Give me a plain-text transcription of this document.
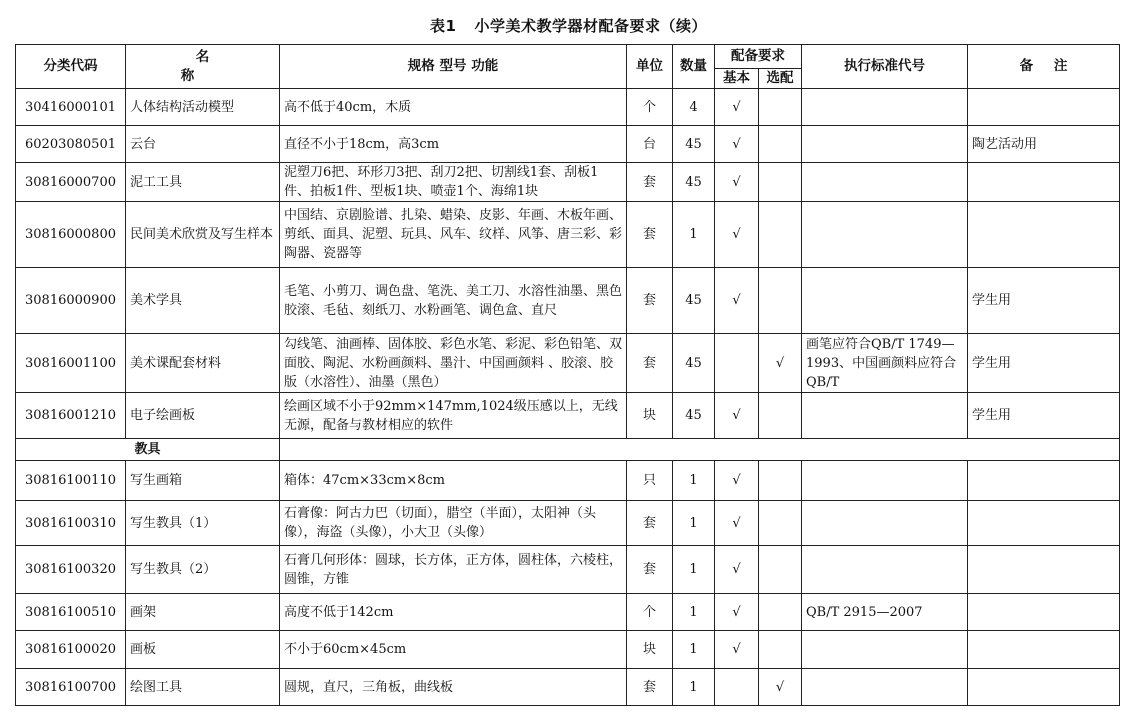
表1 小学美术教学器材配备要求（续）
分类代码	名 称	规格 型号 功能	单位	数量	配备要求		执行标准代号	备 注
					基本	选配		
30416000101	人体结构活动模型	高不低于40cm，木质	个	4	√			
60203080501	云台	直径不小于18cm，高3cm	台	45	√			陶艺活动用
30816000700	泥工工具	泥塑刀6把、环形刀3把、刮刀2把、切割线1套、刮板1件、拍板1件、型板1块、喷壶1个、海绵1块	套	45	√			
30816000800	民间美术欣赏及写生样本	中国结、京剧脸谱、扎染、蜡染、皮影、年画、木板年画、剪纸、面具、泥塑、玩具、风车、纹样、风筝、唐三彩、彩陶器、瓷器等	套	1	√			
30816000900	美术学具	毛笔、小剪刀、调色盘、笔洗、美工刀、水溶性油墨、黑色胶滚、毛毡、刻纸刀、水粉画笔、调色盒、直尺	套	45	√			学生用
30816001100	美术课配套材料	勾线笔、油画棒、固体胶、彩色水笔、彩泥、彩色铅笔、双面胶、陶泥、水粉画颜料、墨汁、中国画颜料 、胶滚、胶版（水溶性）、油墨（黑色）	套	45		√	画笔应符合QB/T 1749—1993、中国画颜料应符合QB/T	学生用
30816001210	电子绘画板	绘画区域不小于92mm×147mm,1024级压感以上，无线无源，配备与教材相应的软件	块	45	√			学生用
教具								
30816100110	写生画箱	箱体：47cm×33cm×8cm	只	1	√			
30816100310	写生教具（1）	石膏像：阿古力巴（切面），腊空（半面），太阳神（头像），海盗（头像），小大卫（头像）	套	1	√			
30816100320	写生教具（2）	石膏几何形体：圆球，长方体，正方体，圆柱体，六棱柱，圆锥，方锥	套	1	√			
30816100510	画架	高度不低于142cm	个	1	√		QB/T 2915—2007	
30816100020	画板	不小于60cm×45cm	块	1	√			
30816100700	绘图工具	圆规，直尺，三角板，曲线板	套	1		√		
